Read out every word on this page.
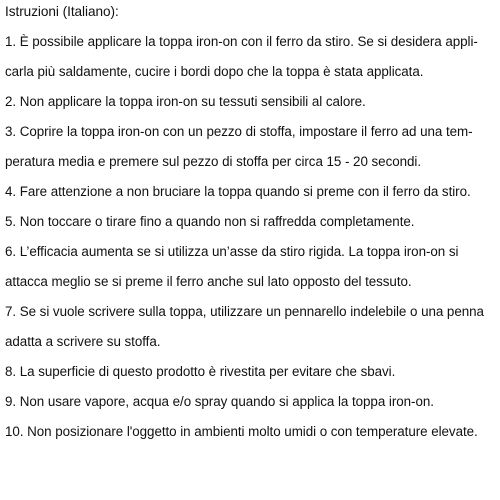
Istruzioni (Italiano):
1. È possibile applicare la toppa iron-on con il ferro da stiro. Se si desidera appli-
carla più saldamente, cucire i bordi dopo che la toppa è stata applicata.
2. Non applicare la toppa iron-on su tessuti sensibili al calore.
3. Coprire la toppa iron-on con un pezzo di stoffa, impostare il ferro ad una tem-
peratura media e premere sul pezzo di stoffa per circa 15 - 20 secondi.
4. Fare attenzione a non bruciare la toppa quando si preme con il ferro da stiro.
5. Non toccare o tirare fino a quando non si raffredda completamente.
6. L’efficacia aumenta se si utilizza un’asse da stiro rigida. La toppa iron-on si
attacca meglio se si preme il ferro anche sul lato opposto del tessuto.
7. Se si vuole scrivere sulla toppa, utilizzare un pennarello indelebile o una penna
adatta a scrivere su stoffa.
8. La superficie di questo prodotto è rivestita per evitare che sbavi.
9. Non usare vapore, acqua e/o spray quando si applica la toppa iron-on.
10. Non posizionare l'oggetto in ambienti molto umidi o con temperature elevate.
